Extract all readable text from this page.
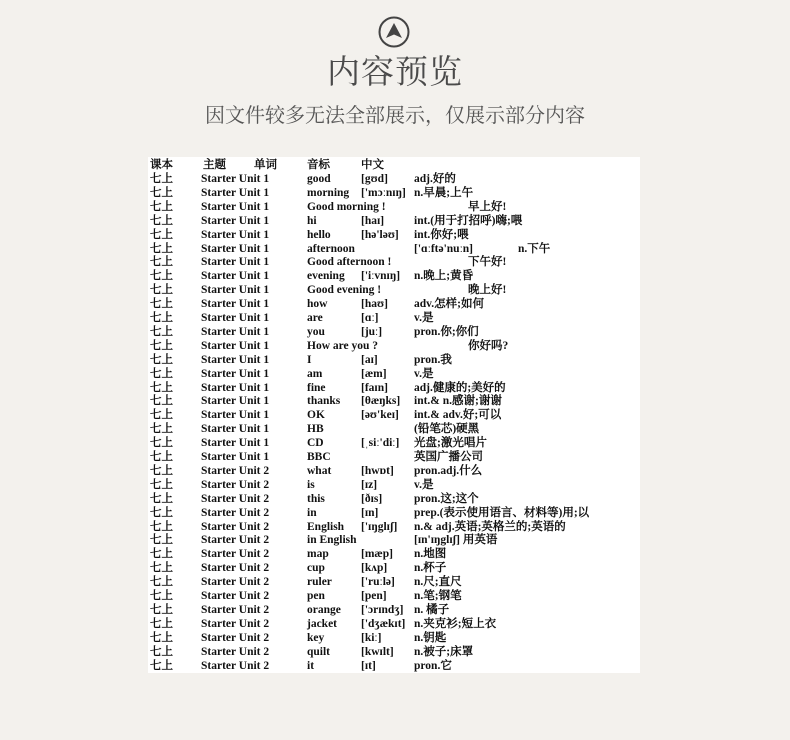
内容预览
因文件较多无法全部展示，仅展示部分内容
课本	主题 单词	音标	中文
七上 Starter Unit 1	good	[gʊd] adj.好的
七上 Starter Unit 1	morning ['mɔːnɪŋ] n.早晨;上午
七上 Starter Unit 1	Good morning !	早上好!
七上 Starter Unit 1	hi	[haɪ]	int.(用于打招呼)嗨;喂
七上 Starter Unit 1	hello	[hə'ləʊ] int.你好;喂
七上 Starter Unit 1	afternoon	['ɑːftə'nuːn]	n.下午
七上 Starter Unit 1	Good afternoon !	下午好!
七上 Starter Unit 1	evening ['iːvnɪŋ] n.晚上;黄昏
七上 Starter Unit 1	Good evening !	晚上好!
七上 Starter Unit 1	how	[haʊ] adv.怎样;如何
七上 Starter Unit 1	are	[ɑː]	v.是
七上 Starter Unit 1	you	[juː]	pron.你;你们
七上 Starter Unit 1	How are you ?	你好吗?
七上 Starter Unit 1	I	[aɪ]	pron.我
七上 Starter Unit 1	am	[æm] v.是
七上 Starter Unit 1	fine	[faɪn] adj.健康的;美好的
七上 Starter Unit 1	thanks [θæŋks] int.& n.感谢;谢谢
七上 Starter Unit 1	OK	[əʊ'keɪ] int.& adv.好;可以
七上 Starter Unit 1	HB	(铅笔芯)硬黑
七上 Starter Unit 1	CD	[ˌsiː'diː] 光盘;激光唱片
七上 Starter Unit 1	BBC	英国广播公司
七上 Starter Unit 2	what	[hwɒt] pron.adj.什么
七上 Starter Unit 2	is	[ɪz]	v.是
七上 Starter Unit 2	this	[ðɪs]	pron.这;这个
七上 Starter Unit 2	in	[ɪn]	prep.(表示使用语言、材料等)用;以
七上 Starter Unit 2	English ['ɪŋglɪʃ] n.& adj.英语;英格兰的;英语的
七上 Starter Unit 2	in English	[ɪn'ɪŋglɪʃ] 用英语
七上 Starter Unit 2	map	[mæp] n.地图
七上 Starter Unit 2	cup	[kʌp] n.杯子
七上 Starter Unit 2	ruler	['ruːlə] n.尺;直尺
七上 Starter Unit 2	pen	[pen] n.笔;钢笔
七上 Starter Unit 2	orange ['ɔrɪndʒ] n. 橘子
七上 Starter Unit 2	jacket ['dʒækɪt] n.夹克衫;短上衣
七上 Starter Unit 2	key	[kiː]	n.钥匙
七上 Starter Unit 2	quilt	[kwɪlt] n.被子;床罩
七上 Starter Unit 2	it	[ɪt]	pron.它
